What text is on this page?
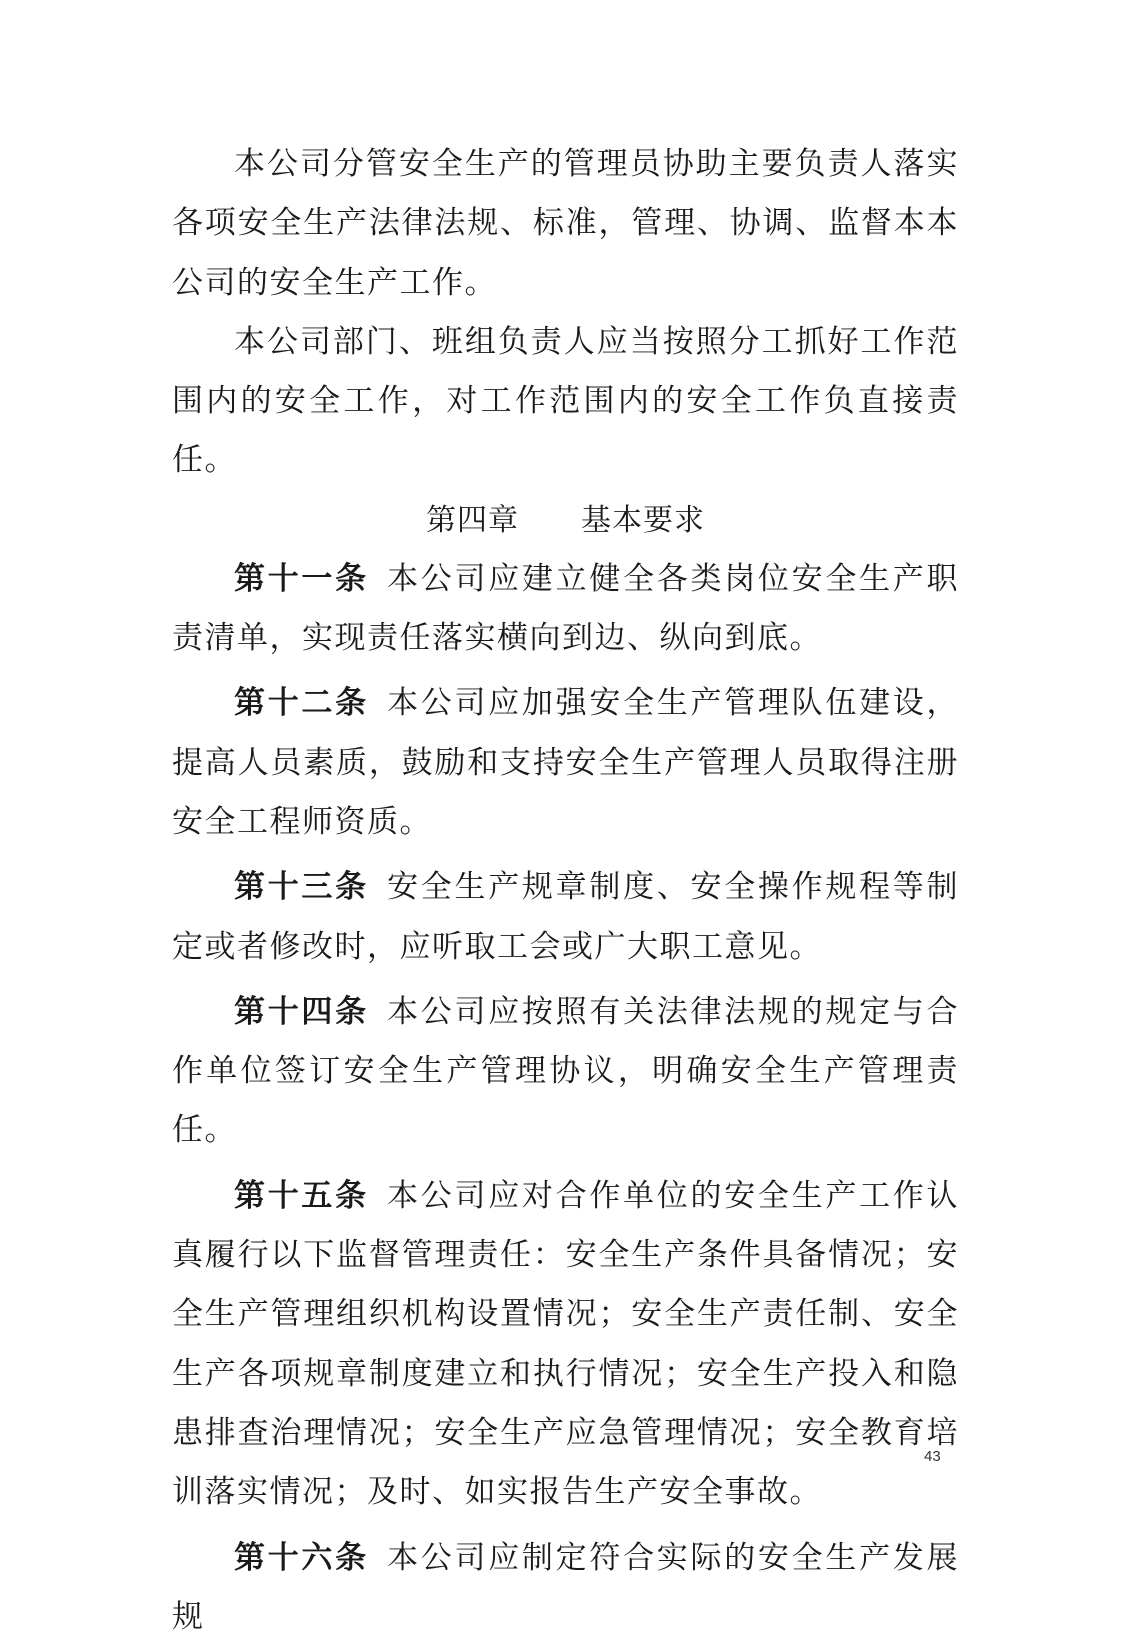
本公司分管安全生产的管理员协助主要负责人落实各项安全生产法律法规、标准，管理、协调、监督本本公司的安全生产工作。

本公司部门、班组负责人应当按照分工抓好工作范围内的安全工作，对工作范围内的安全工作负直接责任。

第四章　　基本要求

第十一条  本公司应建立健全各类岗位安全生产职责清单，实现责任落实横向到边、纵向到底。

第十二条  本公司应加强安全生产管理队伍建设，提高人员素质，鼓励和支持安全生产管理人员取得注册安全工程师资质。

第十三条  安全生产规章制度、安全操作规程等制定或者修改时，应听取工会或广大职工意见。

第十四条  本公司应按照有关法律法规的规定与合作单位签订安全生产管理协议，明确安全生产管理责任。

第十五条  本公司应对合作单位的安全生产工作认真履行以下监督管理责任：安全生产条件具备情况；安全生产管理组织机构设置情况；安全生产责任制、安全生产各项规章制度建立和执行情况；安全生产投入和隐患排查治理情况；安全生产应急管理情况；安全教育培训落实情况；及时、如实报告生产安全事故。

第十六条  本公司应制定符合实际的安全生产发展规

43
